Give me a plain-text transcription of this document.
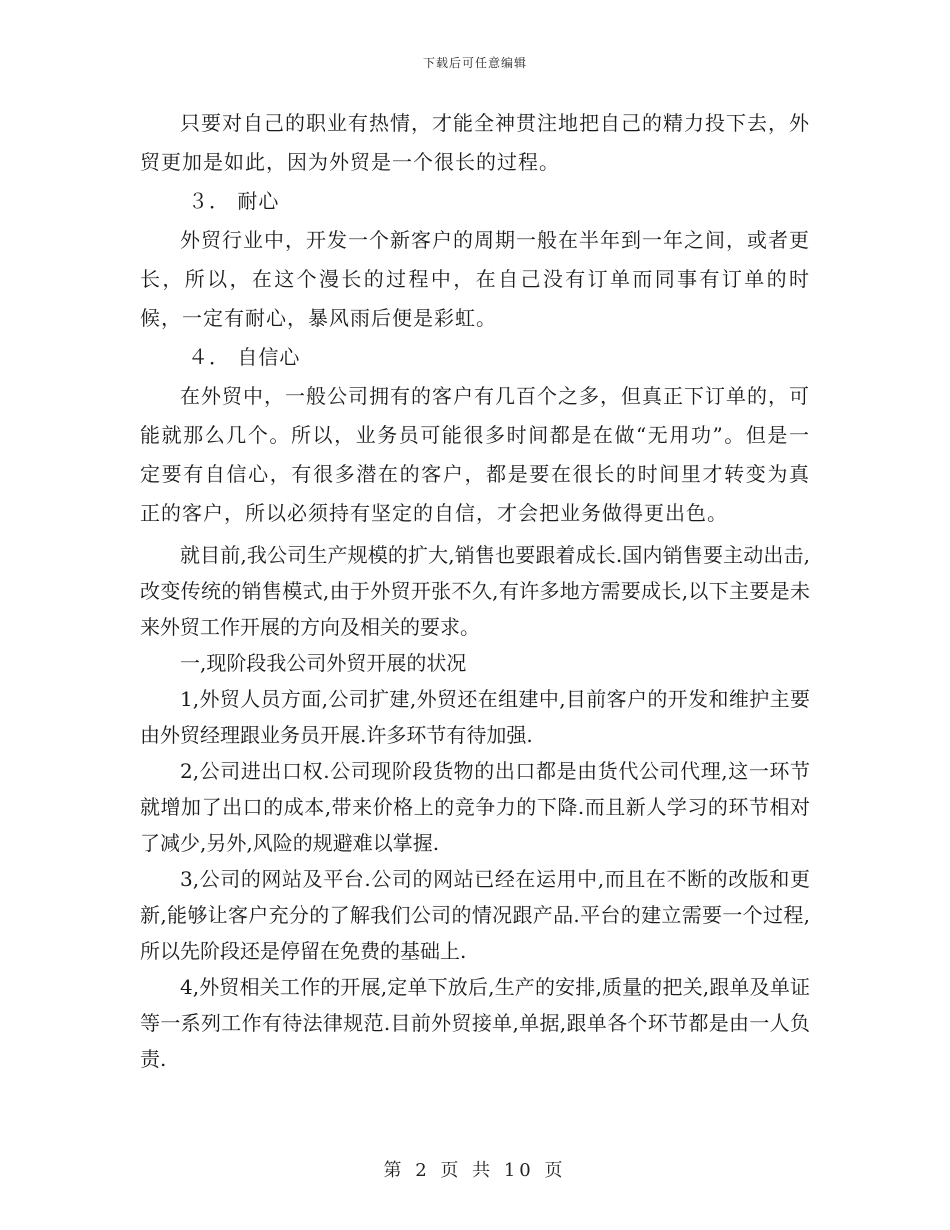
下载后可任意编辑

只要对自己的职业有热情，才能全神贯注地把自己的精力投下去，外贸更加是如此，因为外贸是一个很长的过程。

３． 耐心

外贸行业中，开发一个新客户的周期一般在半年到一年之间，或者更长，所以，在这个漫长的过程中，在自己没有订单而同事有订单的时候，一定有耐心，暴风雨后便是彩虹。

４． 自信心

在外贸中，一般公司拥有的客户有几百个之多，但真正下订单的，可能就那么几个。所以，业务员可能很多时间都是在做“无用功”。但是一定要有自信心，有很多潜在的客户，都是要在很长的时间里才转变为真正的客户，所以必须持有坚定的自信，才会把业务做得更出色。

就目前,我公司生产规模的扩大,销售也要跟着成长.国内销售要主动出击,改变传统的销售模式,由于外贸开张不久,有许多地方需要成长,以下主要是未来外贸工作开展的方向及相关的要求。

一,现阶段我公司外贸开展的状况

1,外贸人员方面,公司扩建,外贸还在组建中,目前客户的开发和维护主要由外贸经理跟业务员开展.许多环节有待加强.

2,公司进出口权.公司现阶段货物的出口都是由货代公司代理,这一环节就增加了出口的成本,带来价格上的竞争力的下降.而且新人学习的环节相对了减少,另外,风险的规避难以掌握.

3,公司的网站及平台.公司的网站已经在运用中,而且在不断的改版和更新,能够让客户充分的了解我们公司的情况跟产品.平台的建立需要一个过程,所以先阶段还是停留在免费的基础上.

4,外贸相关工作的开展,定单下放后,生产的安排,质量的把关,跟单及单证等一系列工作有待法律规范.目前外贸接单,单据,跟单各个环节都是由一人负责.

第 2 页 共 10 页
